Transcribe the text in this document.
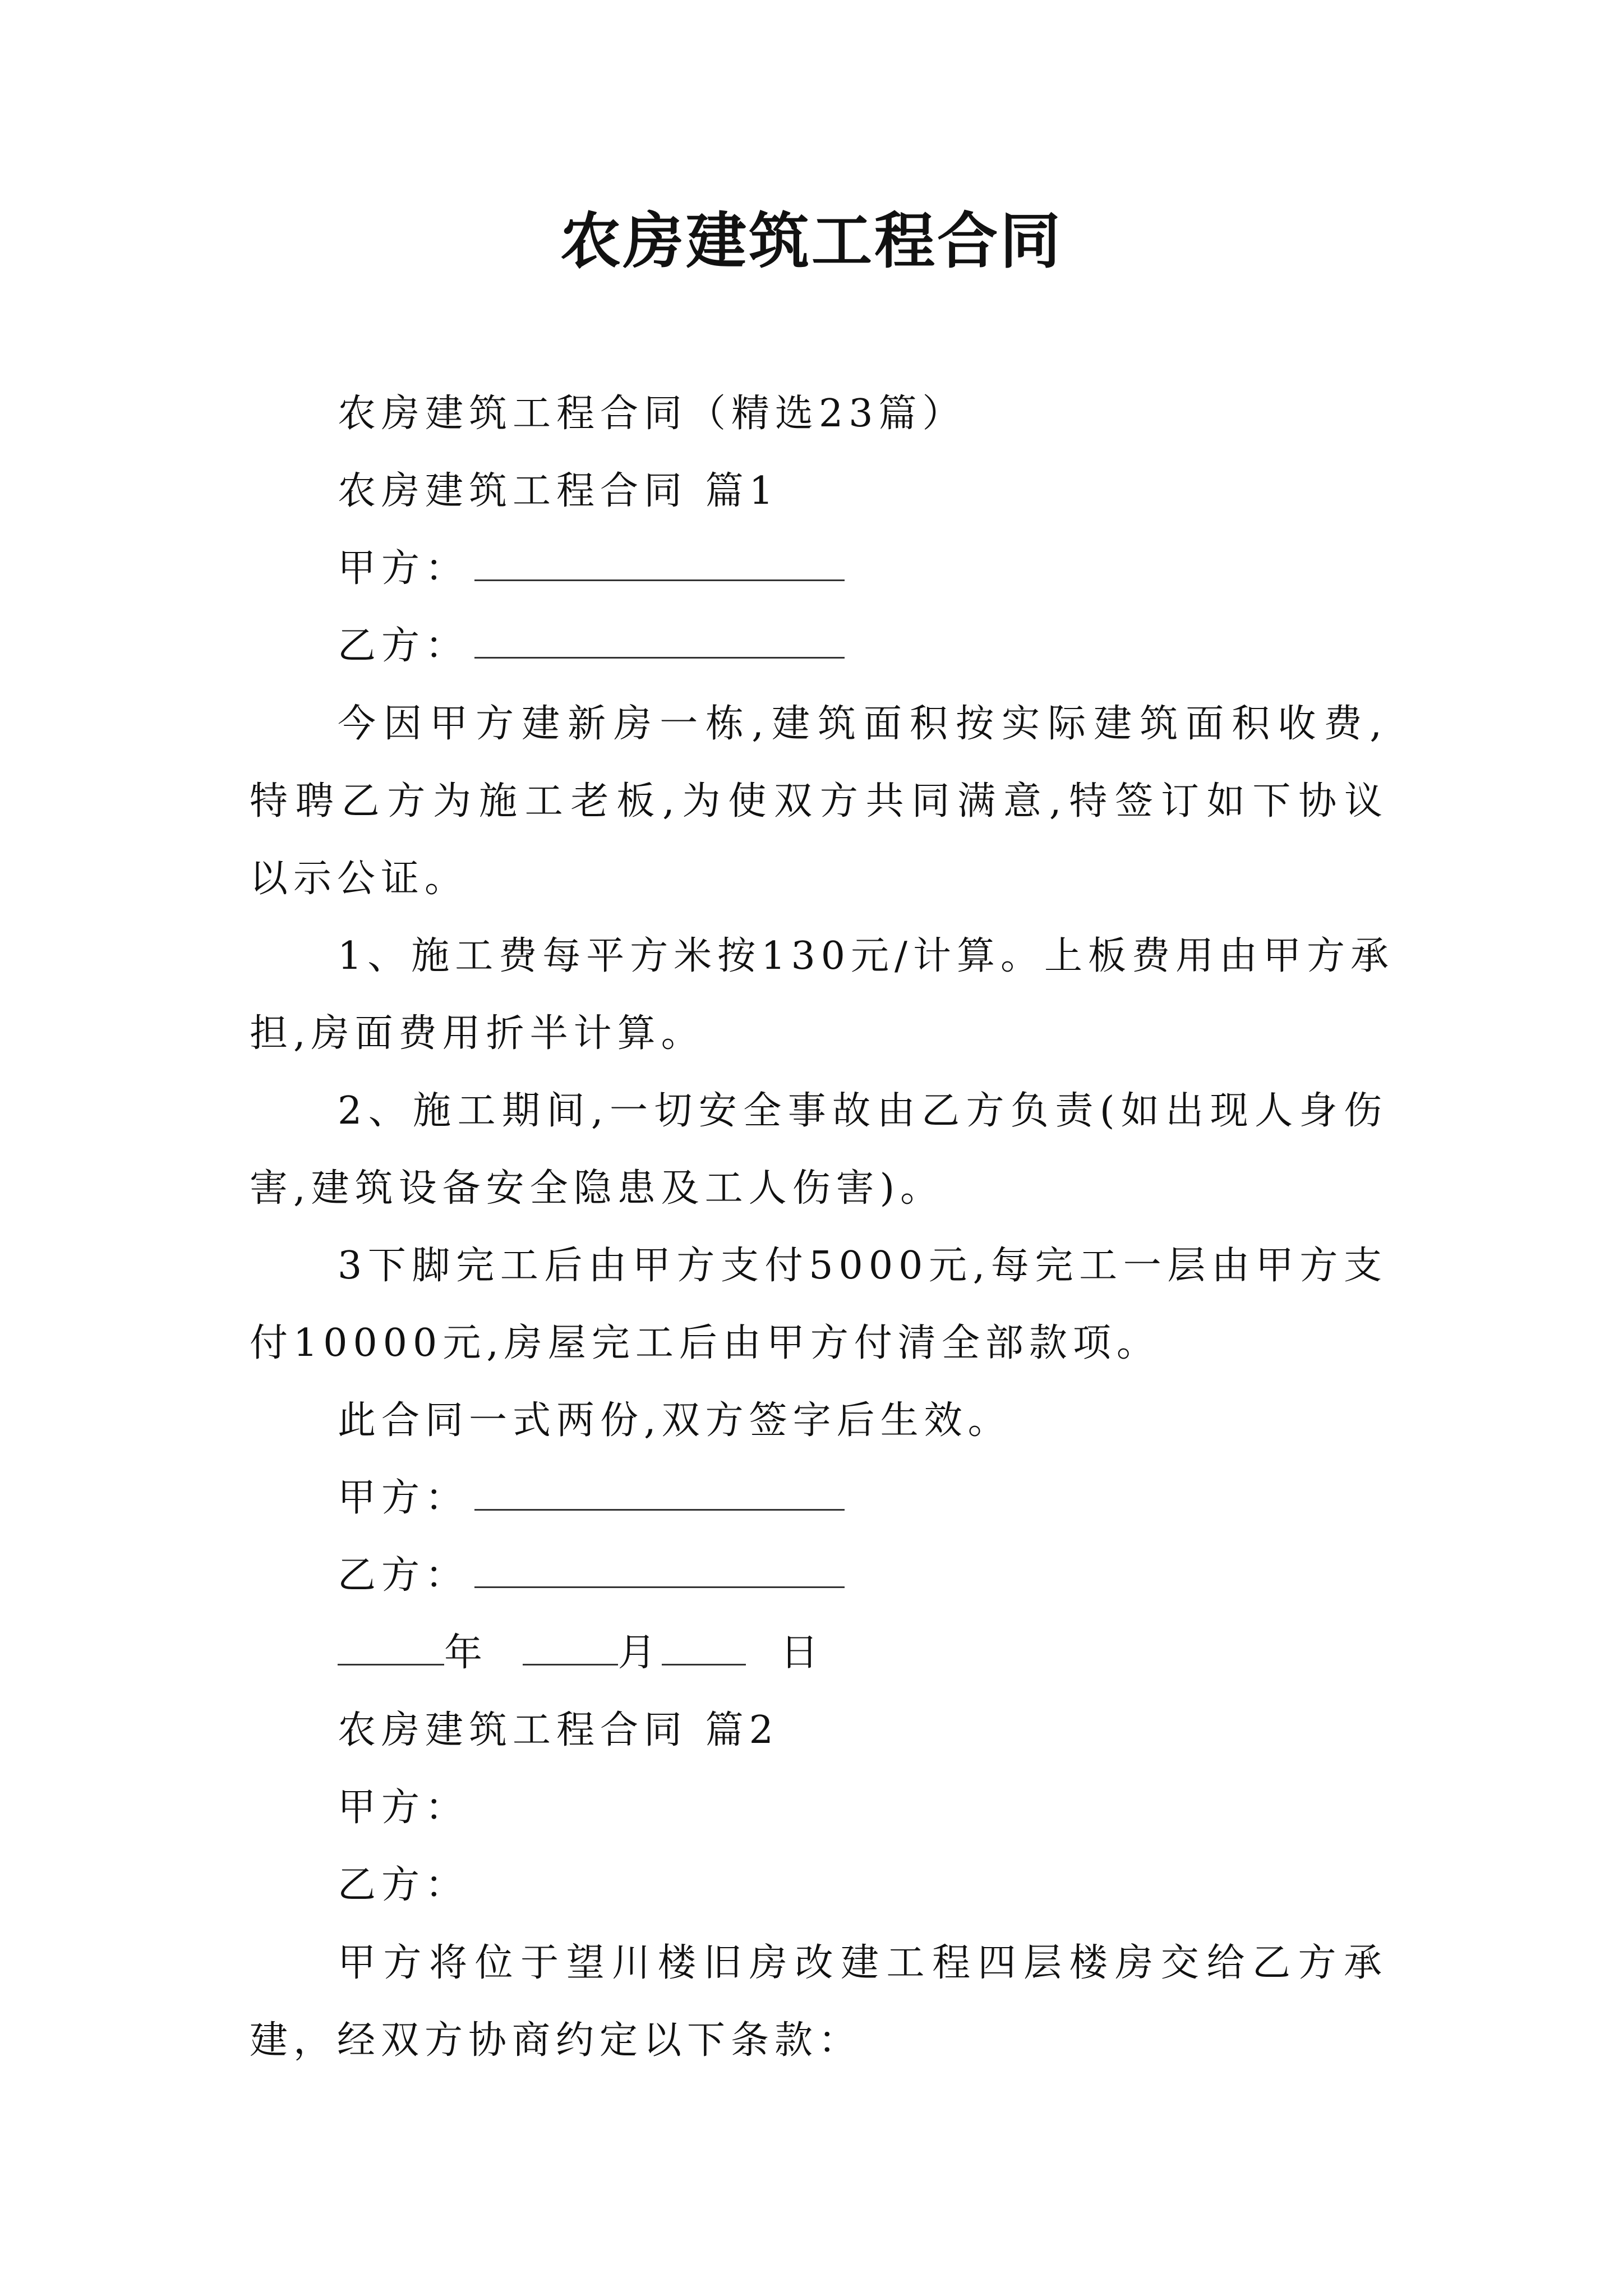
农房建筑工程合同
农房建筑工程合同（精选23篇）
农房建筑工程合同 篇1
甲方：
乙方：
今因甲方建新房一栋,建筑面积按实际建筑面积收费,
特聘乙方为施工老板,为使双方共同满意,特签订如下协议
以示公证。
1、施工费每平方米按130元/计算。上板费用由甲方承
担,房面费用折半计算。
2、施工期间,一切安全事故由乙方负责(如出现人身伤
害,建筑设备安全隐患及工人伤害)。
3下脚完工后由甲方支付5000元,每完工一层由甲方支
付10000元,房屋完工后由甲方付清全部款项。
此合同一式两份,双方签字后生效。
甲方：
乙方：
年	月	日
农房建筑工程合同 篇2
甲方：
乙方：
甲方将位于望川楼旧房改建工程四层楼房交给乙方承
建，经双方协商约定以下条款：
